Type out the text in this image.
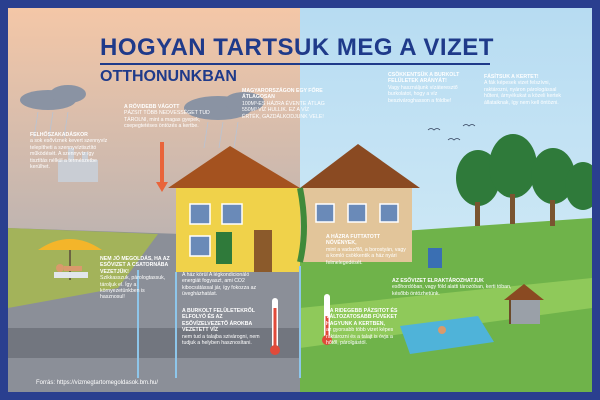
HOGYAN TARTSUK MEG A VIZET
OTTHONUNKBAN
FELHŐSZAKADÁSKOR
a sok esővíznek kevert szennyvíz telepítheti a szennyvíztisztító működését. A szennyvíz így tisztítás nélkül a természetbe kerülhet.
A RÖVIDEBB VÁGOTT
PÁZSIT TÖBB NEDVESSÉGET TUD TÁROLNI, mint a magas gyepek, csepegtetéses öntözés a kertbe.
MAGYARORSZÁGON EGY FŐRE ÁTLAGOSAN
100M³-ES HÁZRA ÉVENTE ÁTLAG 550M³ VÍZ HULLIK. EZ A VÍZ ÉRTÉK, GAZDÁLKODJUNK VELE!
CSÖKKENTSÜK A BURKOLT FELÜLETEK ARÁNYÁT!
Vagy használjunk vízáteresztő burkolatot, hogy a víz beszivároghasson a földbe!
FÁSÍTSUK A KERTET!
A fák képesek vizet felszívni, raktározni, nyáron párologással hűteni, árnyékukat a közeli kertek állataiknak, így nem kell öntözni.
NEM JÓ MEGOLDÁS, HA AZ ESŐVIZET A CSATORNÁBA VEZETJÜK!
Szikkasszuk, párologtassuk, tároljuk el. Így a környezetünkben is hasznosul!
A ház körül A légkondicionáló energiát fogyaszt, ami CO2 kibocsátással jár, így fokozza az üvegházhatást.
A BURKOLT FELÜLETEKRŐL ELFOLYÓ ÉS AZ ESŐVÍZELVEZETŐ ÁROKBA VEZETETT VÍZ
nem tud a talajba szivárogni, nem tudjuk a helyben hasznosítani.
A HÁZRA FUTTATOTT NÖVÉNYEK,
mint a vadszőlő, a borostyán, vagy a komló csökkentik a ház nyári felmelegedését.
AZ ESŐVIZET ELRAKTÁROZHATJUK
esőhordóban, vagy föld alatti tározóban, kerti tóban, később öntözhetünk.
HA RIDEGEBB PÁZSITOT ÉS VÁLTOZATOSABB FÜVEKET HAGYUNK A KERTBEN,
az gyorsabb több vizet képes raktározni és a talajt is óvja a hőtől, párolgástól.
Forrás: https://vizmegtartomegoldasok.bm.hu/
